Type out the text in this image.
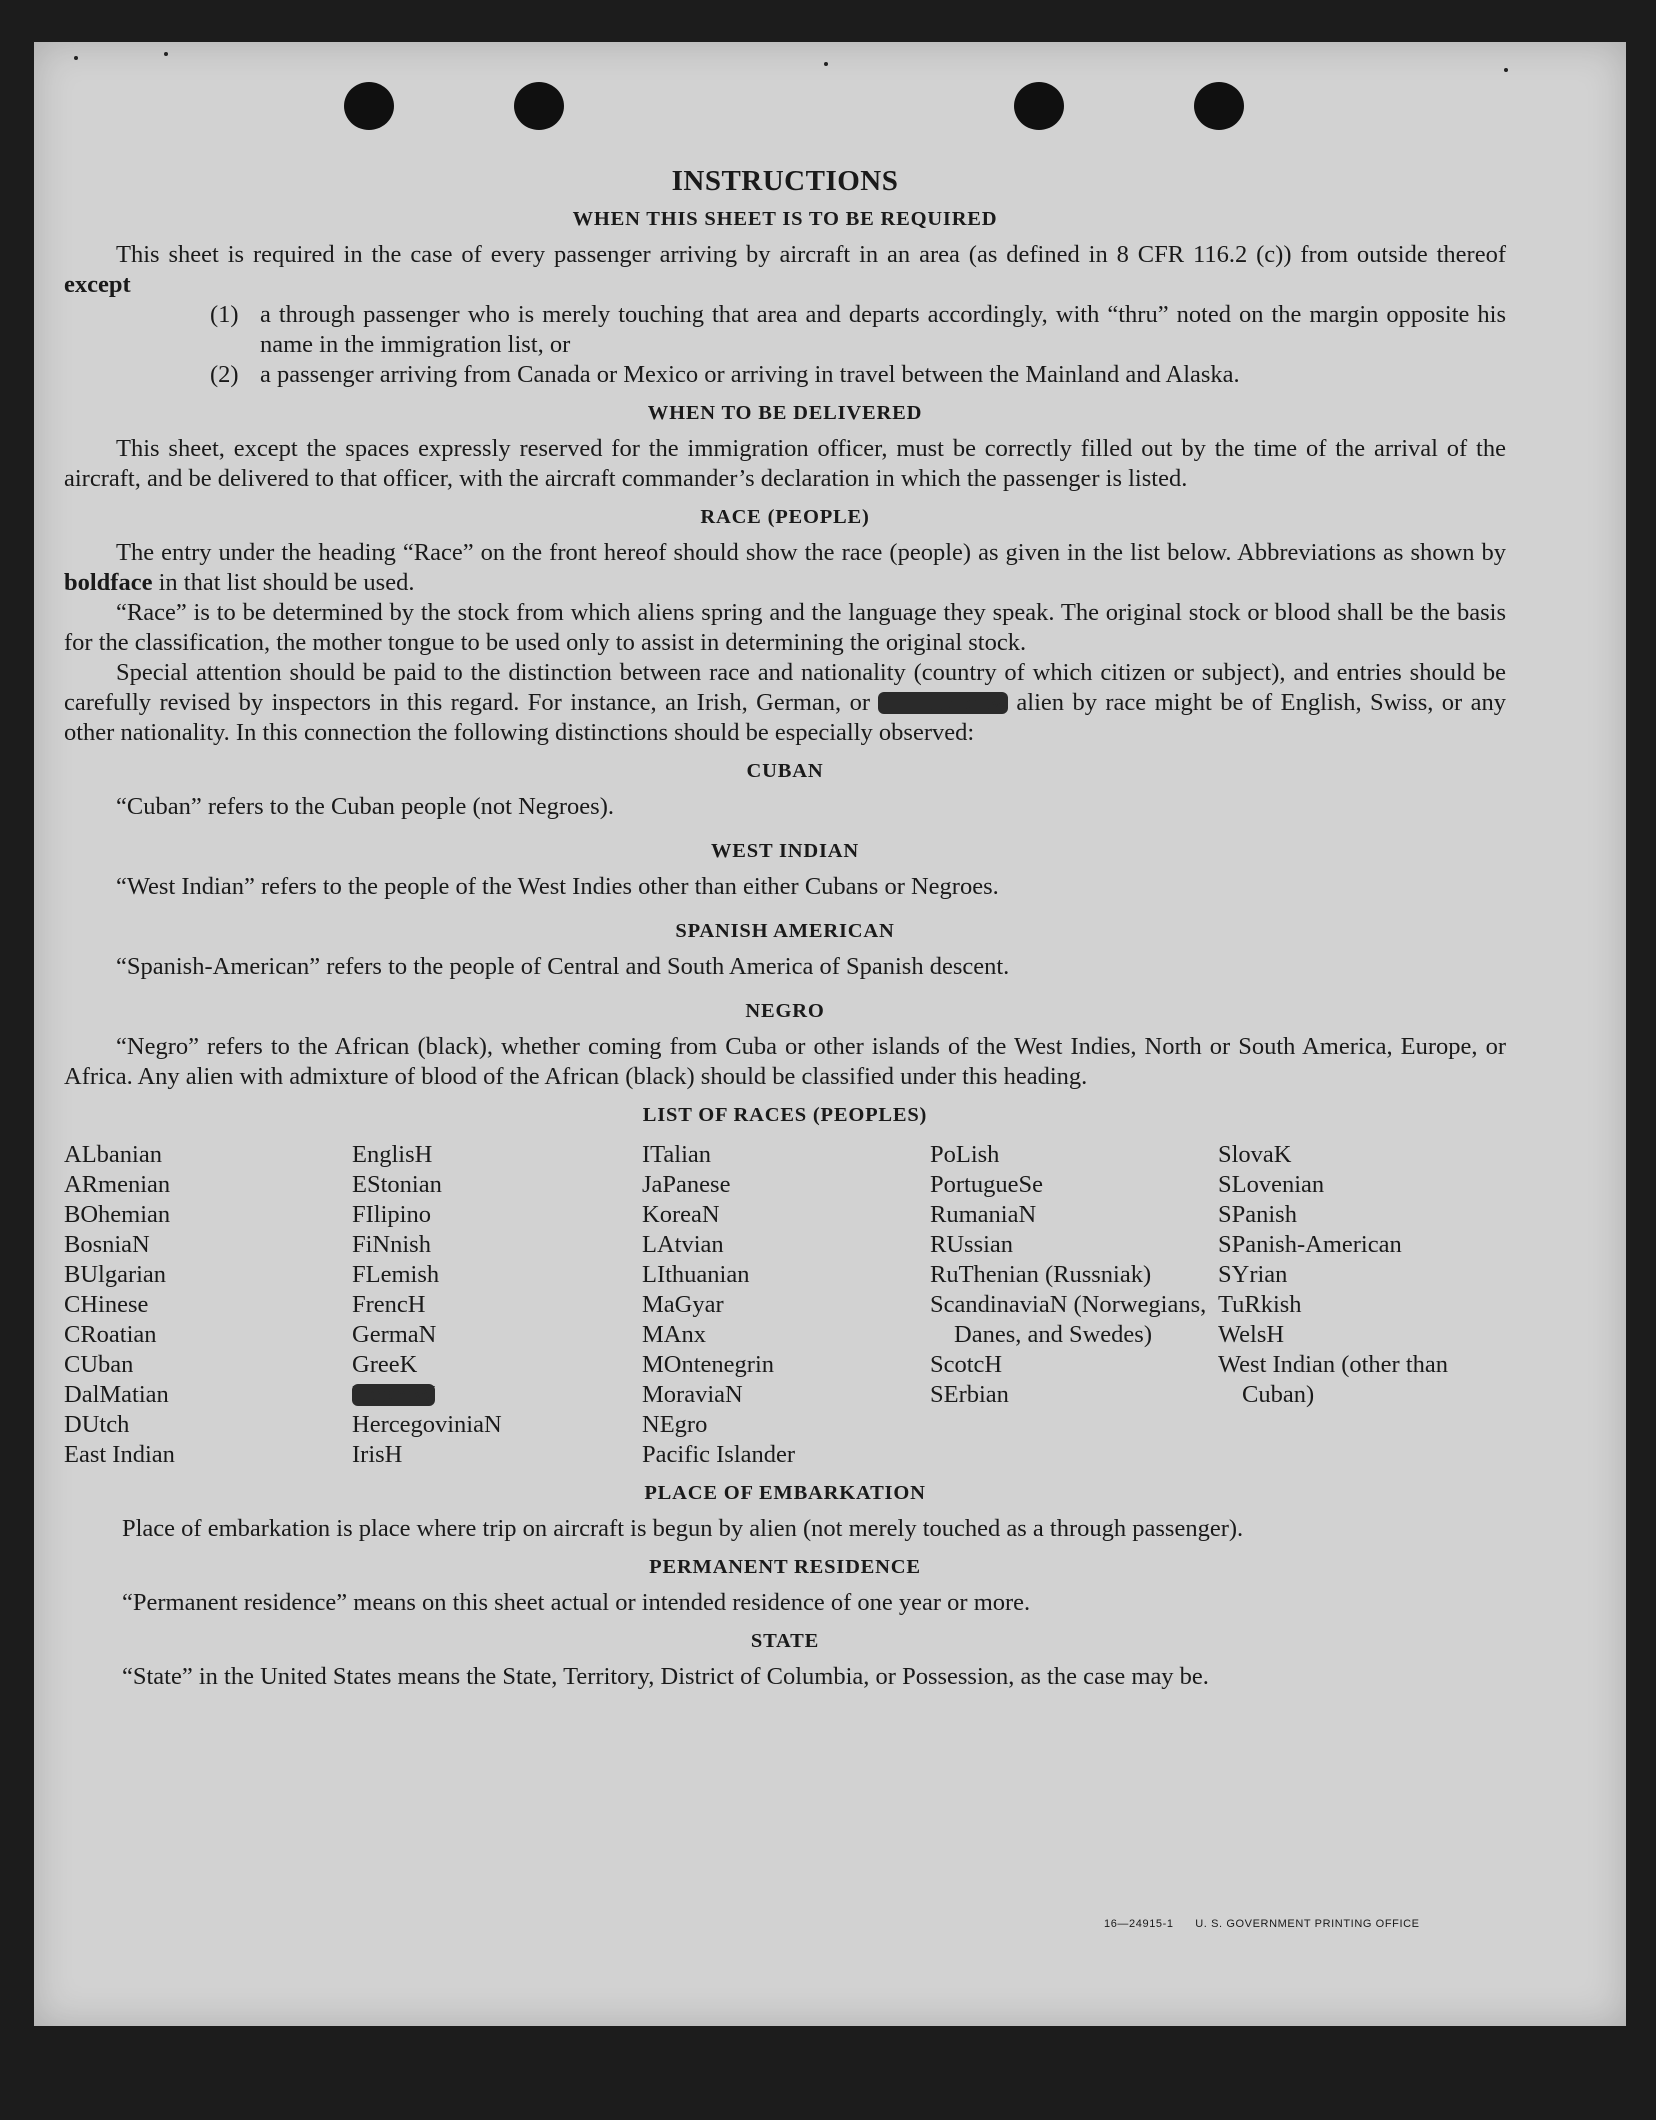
INSTRUCTIONS
WHEN THIS SHEET IS TO BE REQUIRED

This sheet is required in the case of every passenger arriving by aircraft in an area (as defined in 8 CFR 116.2 (c)) from outside thereof except

(1) a through passenger who is merely touching that area and departs accordingly, with “thru” noted on the margin opposite his name in the immigration list, or

(2) a passenger arriving from Canada or Mexico or arriving in travel between the Mainland and Alaska.

WHEN TO BE DELIVERED

This sheet, except the spaces expressly reserved for the immigration officer, must be correctly filled out by the time of the arrival of the aircraft, and be delivered to that officer, with the aircraft commander’s declaration in which the passenger is listed.

RACE (PEOPLE)

The entry under the heading “Race” on the front hereof should show the race (people) as given in the list below. Abbreviations as shown by boldface in that list should be used.

“Race” is to be determined by the stock from which aliens spring and the language they speak. The original stock or blood shall be the basis for the classification, the mother tongue to be used only to assist in determining the original stock.

Special attention should be paid to the distinction between race and nationality (country of which citizen or subject), and entries should be carefully revised by inspectors in this regard. For instance, an Irish, German, or Hebrew alien by race might be of English, Swiss, or any other nationality. In this connection the following distinctions should be especially observed:

CUBAN

“Cuban” refers to the Cuban people (not Negroes).

WEST INDIAN

“West Indian” refers to the people of the West Indies other than either Cubans or Negroes.

SPANISH AMERICAN

“Spanish-American” refers to the people of Central and South America of Spanish descent.

NEGRO

“Negro” refers to the African (black), whether coming from Cuba or other islands of the West Indies, North or South America, Europe, or Africa. Any alien with admixture of blood of the African (black) should be classified under this heading.

LIST OF RACES (PEOPLES)
ALbanian
ARmenian
BOhemian
BosniaN
BUlgarian
CHinese
CRoatian
CUban
DalMatian
DUtch
East Indian
EnglisH
EStonian
FIlipino
FiNnish
FLemish
FrencH
GermaN
GreeK
HebreW
HercegoviniaN
IrisH
ITalian
JaPanese
KoreaN
LAtvian
LIthuanian
MaGyar
MAnx
MOntenegrin
MoraviaN
NEgro
Pacific Islander
PoLish
PortugueSe
RumaniaN
RUssian
RuThenian (Russniak)
ScandinaviaN (Norwegians, Danes, and Swedes)
ScotcH
SErbian
SlovaK
SLovenian
SPanish
SPanish-American
SYrian
TuRkish
WelsH
West Indian (other than Cuban)
PLACE OF EMBARKATION

Place of embarkation is place where trip on aircraft is begun by alien (not merely touched as a through passenger).

PERMANENT RESIDENCE

“Permanent residence” means on this sheet actual or intended residence of one year or more.

STATE

“State” in the United States means the State, Territory, District of Columbia, or Possession, as the case may be.

16—24915-1 U. S. GOVERNMENT PRINTING OFFICE
